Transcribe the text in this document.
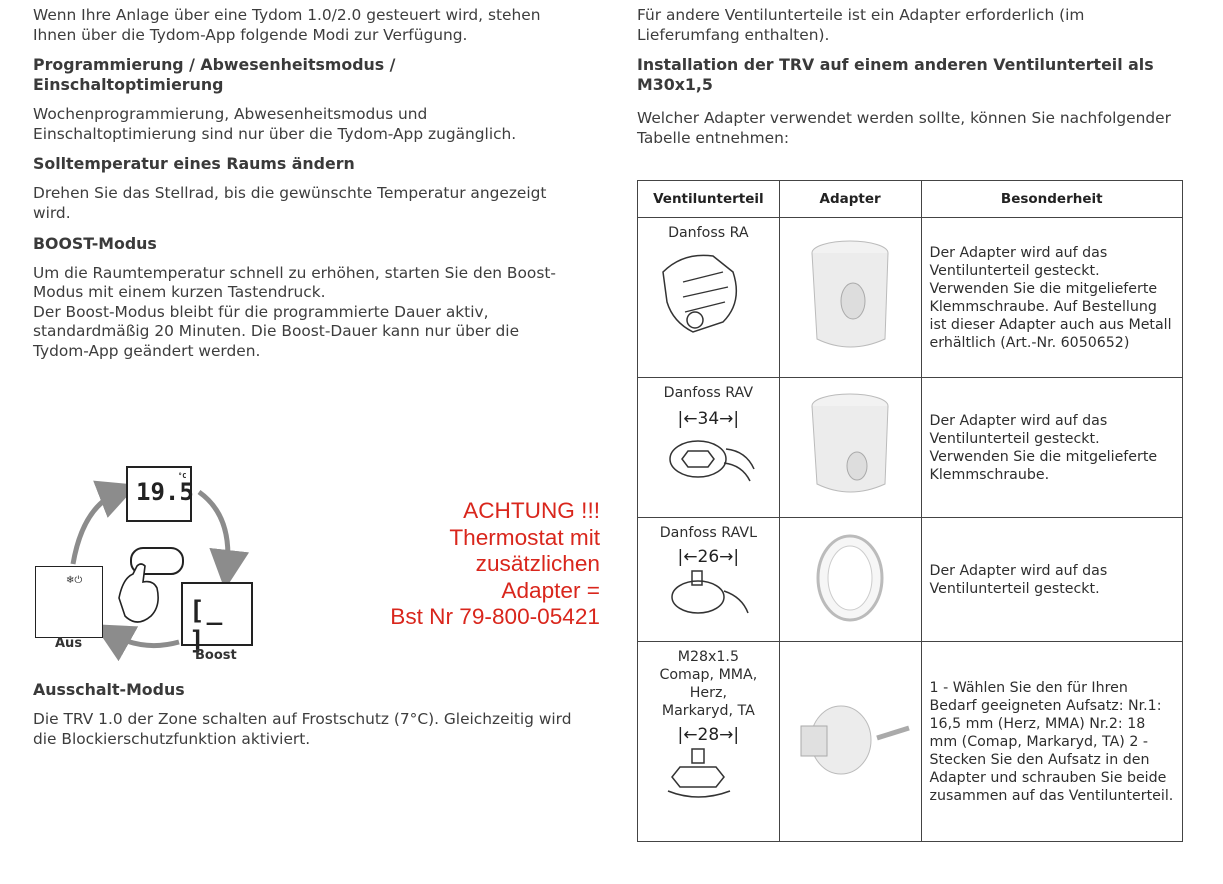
Wenn Ihre Anlage über eine Tydom 1.0/2.0 gesteuert wird, stehen Ihnen über die Tydom-App folgende Modi zur Verfügung.

Programmierung / Abwesenheitsmodus / Einschaltoptimierung

Wochenprogrammierung, Abwesenheitsmodus und Einschaltoptimierung sind nur über die Tydom-App zugänglich.

Solltemperatur eines Raums ändern

Drehen Sie das Stellrad, bis die gewünschte Temperatur angezeigt wird.

BOOST-Modus

Um die Raumtemperatur schnell zu erhöhen, starten Sie den Boost-Modus mit einem kurzen Tastendruck.

Der Boost-Modus bleibt für die programmierte Dauer aktiv, standardmäßig 20 Minuten. Die Boost-Dauer kann nur über die Tydom-App geändert werden.

19.5
°C
❄⏻
[_ ]
Aus
Boost
ACHTUNG !!!
Thermostat mit
zusätzlichen
Adapter =
Bst Nr 79-800-05421
Ausschalt-Modus

Die TRV 1.0 der Zone schalten auf Frostschutz (7°C). Gleichzeitig wird die Blockierschutzfunktion aktiviert.

Für andere Ventilunterteile ist ein Adapter erforderlich (im Lieferumfang enthalten).

Installation der TRV auf einem anderen Ventilunterteil als M30x1,5

Welcher Adapter verwendet werden sollte, können Sie nachfolgender Tabelle entnehmen:

Ventilunterteil	Adapter	Besonderheit

Danfoss RA		Der Adapter wird auf das Ventilunterteil gesteckt. Verwenden Sie die mitgelieferte Klemmschraube. Auf Bestellung ist dieser Adapter auch aus Metall erhältlich (Art.-Nr. 6050652)

Danfoss RAV
|←34→|		Der Adapter wird auf das Ventilunterteil gesteckt. Verwenden Sie die mitgelieferte Klemmschraube.

Danfoss RAVL
|←26→|		Der Adapter wird auf das Ventilunterteil gesteckt.

M28x1.5 Comap, MMA, Herz, Markaryd, TA
|←28→|		1 - Wählen Sie den für Ihren Bedarf geeigneten Aufsatz: Nr.1: 16,5 mm (Herz, MMA) Nr.2: 18 mm (Comap, Markaryd, TA) 2 - Stecken Sie den Aufsatz in den Adapter und schrauben Sie beide zusammen auf das Ventilunterteil.
